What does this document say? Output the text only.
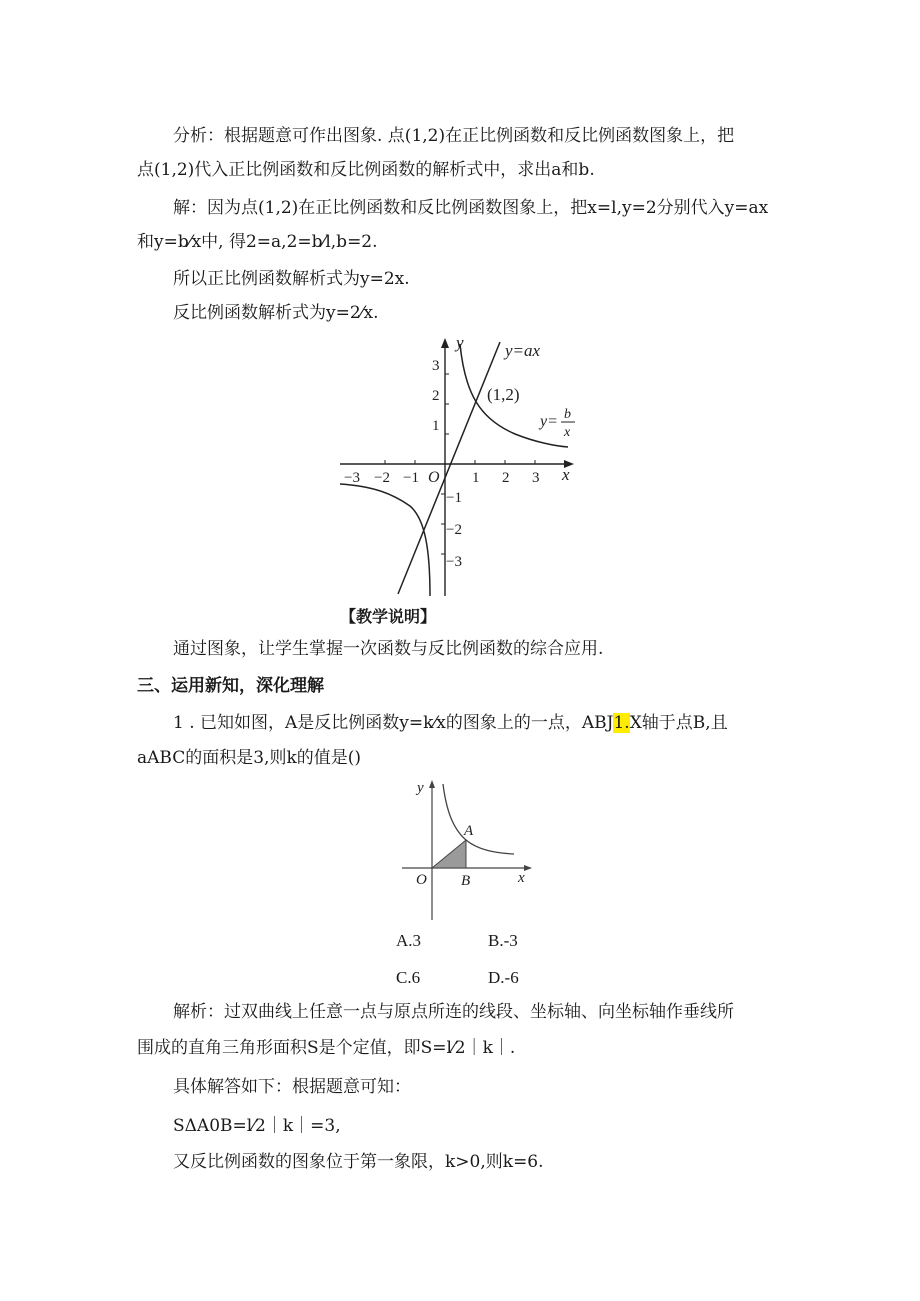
分析：根据题意可作出图象. 点(1,2)在正比例函数和反比例函数图象上，把
点(1,2)代入正比例函数和反比例函数的解析式中，求出a和b.
解：因为点(1,2)在正比例函数和反比例函数图象上，把x=l,y=2分别代入y=ax
和y=b⁄x中, 得2=a,2=b⁄l,b=2.
所以正比例函数解析式为y=2x.
反比例函数解析式为y=2⁄x.
y
x
O
y=ax
(1,2)
y= b
x
−3 −2 −1	1 2 3
3
2
1
−1
−2
−3
【教学说明】
通过图象，让学生掌握一次函数与反比例函数的综合应用.
三、运用新知，深化理解
1 . 已知如图，A是反比例函数y=k⁄x的图象上的一点，ABJ1.X轴于点B,且
aABC的面积是3,则k的值是()
y
x
O
A
B
A.3	B.-3
C.6	D.-6
解析：过双曲线上任意一点与原点所连的线段、坐标轴、向坐标轴作垂线所
围成的直角三角形面积S是个定值，即S=l⁄2｜k｜.
具体解答如下：根据题意可知：
SΔA0B=l⁄2｜k｜=3,
又反比例函数的图象位于第一象限，k>0,则k=6.
